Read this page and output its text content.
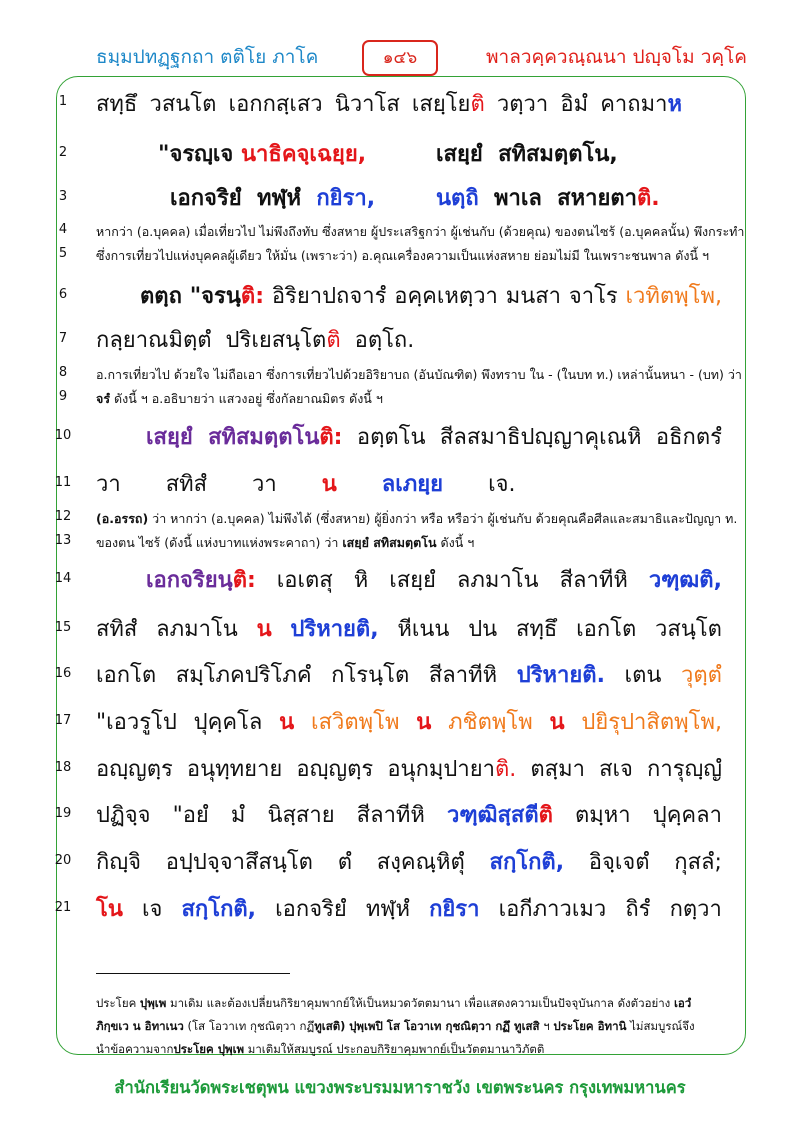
ธมฺมปทฏฺฐกถา ตติโย ภาโค	๑๔๖	พาลวคฺควณฺณนา ปญฺจโม วคฺโค
1
2
3
4
5
6
7
8
9
10
11
12
13
14
15
16
17
18
19
20
21
สทฺธึ วสนโต เอกกสฺเสว นิวาโส เสยฺโยติ วตฺวา อิมํ คาถมาห
"จรญฺเจ นาธิคจฺเฉยฺย,	เสยฺยํ สทิสมตฺตโน,
เอกจริยํ ทฬฺหํ กยิรา,	นตฺถิ พาเล สหายตาติ.
หากว่า (อ.บุคคล) เมื่อเที่ยวไป ไม่พึงถึงทับ ซึ่งสหาย ผู้ประเสริฐกว่า ผู้เช่นกับ (ด้วยคุณ) ของตนไซร้ (อ.บุคคลนั้น) พึงกระทำ
ซึ่งการเที่ยวไปแห่งบุคคลผู้เดียว ให้มั่น (เพราะว่า) อ.คุณเครื่องความเป็นแห่งสหาย ย่อมไม่มี ในเพราะชนพาล ดังนี้ ฯ
ตตฺถ "จรนฺติ: อิริยาปถจารํ อคฺคเหตฺวา มนสา จาโร เวทิตพฺโพ,
กลฺยาณมิตฺตํ ปริเยสนฺโตติ อตฺโถ.
อ.การเที่ยวไป ด้วยใจ ไม่ถือเอา ซึ่งการเที่ยวไปด้วยอิริยาบถ (อันบัณฑิต) พึงทราบ ใน - (ในบท ท.) เหล่านั้นหนา - (บท) ว่า
จรํ ดังนี้ ฯ อ.อธิบายว่า แสวงอยู่ ซึ่งกัลยาณมิตร ดังนี้ ฯ
เสยฺยํ สทิสมตฺตโนติ: อตฺตโน สีลสมาธิปญฺญาคุเณหิ อธิกตรํ
วา สทิสํ วา น ลเภยฺย เจ.
(อ.อรรถ) ว่า หากว่า (อ.บุคคล) ไม่พึงได้ (ซึ่งสหาย) ผู้ยิ่งกว่า หรือ หรือว่า ผู้เช่นกับ ด้วยคุณคือศีลและสมาธิและปัญญา ท.
ของตน ไซร้ (ดังนี้ แห่งบาทแห่งพระคาถา) ว่า เสยฺยํ สทิสมตฺตโน ดังนี้ ฯ
เอกจริยนฺติ: เอเตสุ หิ เสยฺยํ ลภมาโน สีลาทีหิ วฑฺฒติ,
สทิสํ ลภมาโน น ปริหายติ, หีเนน ปน สทฺธึ เอกโต วสนฺโต
เอกโต สมฺโภคปริโภคํ กโรนฺโต สีลาทีหิ ปริหายติ. เตน วุตฺตํ
"เอวรูโป ปุคฺคโล น เสวิตพฺโพ น ภชิตพฺโพ น ปยิรุปาสิตพฺโพ,
อญฺญตฺร อนุทฺทยาย อญฺญตฺร อนุกมฺปายาติ. ตสฺมา สเจ การุญฺญํ
ปฏิจฺจ "อยํ มํ นิสฺสาย สีลาทีหิ วฑฺฒิสฺสตีติ ตมฺหา ปุคฺคลา
กิญฺจิ อปฺปจฺจาสึสนฺโต ตํ สงฺคณฺหิตุํ สกฺโกติ, อิจฺเจตํ กุสลํ;
โน เจ สกฺโกติ, เอกจริยํ ทฬฺหํ กยิรา เอกีภาวเมว ถิรํ กตฺวา
ประโยค ปุพฺเพ มาเดิม และต้องเปลี่ยนกิริยาคุมพากย์ให้เป็นหมวดวัตตมานา เพื่อแสดงความเป็นปัจจุบันกาล ดังตัวอย่าง เอวํ
ภิกฺขเว น อิทาเนว (โส โอวาเท กุชณิตฺวา กฏึทูเสติ) ปุพฺเพปิ โส โอวาเท กุชณิตฺวา กฏึ ทูเสสิ ฯ ประโยค อิทานิ ไม่สมบูรณ์จึง
นำข้อความจากประโยค ปุพฺเพ มาเติมให้สมบูรณ์ ประกอบกิริยาคุมพากย์เป็นวัตตมานาวิภัตติ
สำนักเรียนวัดพระเชตุพน แขวงพระบรมมหาราชวัง เขตพระนคร กรุงเทพมหานคร
